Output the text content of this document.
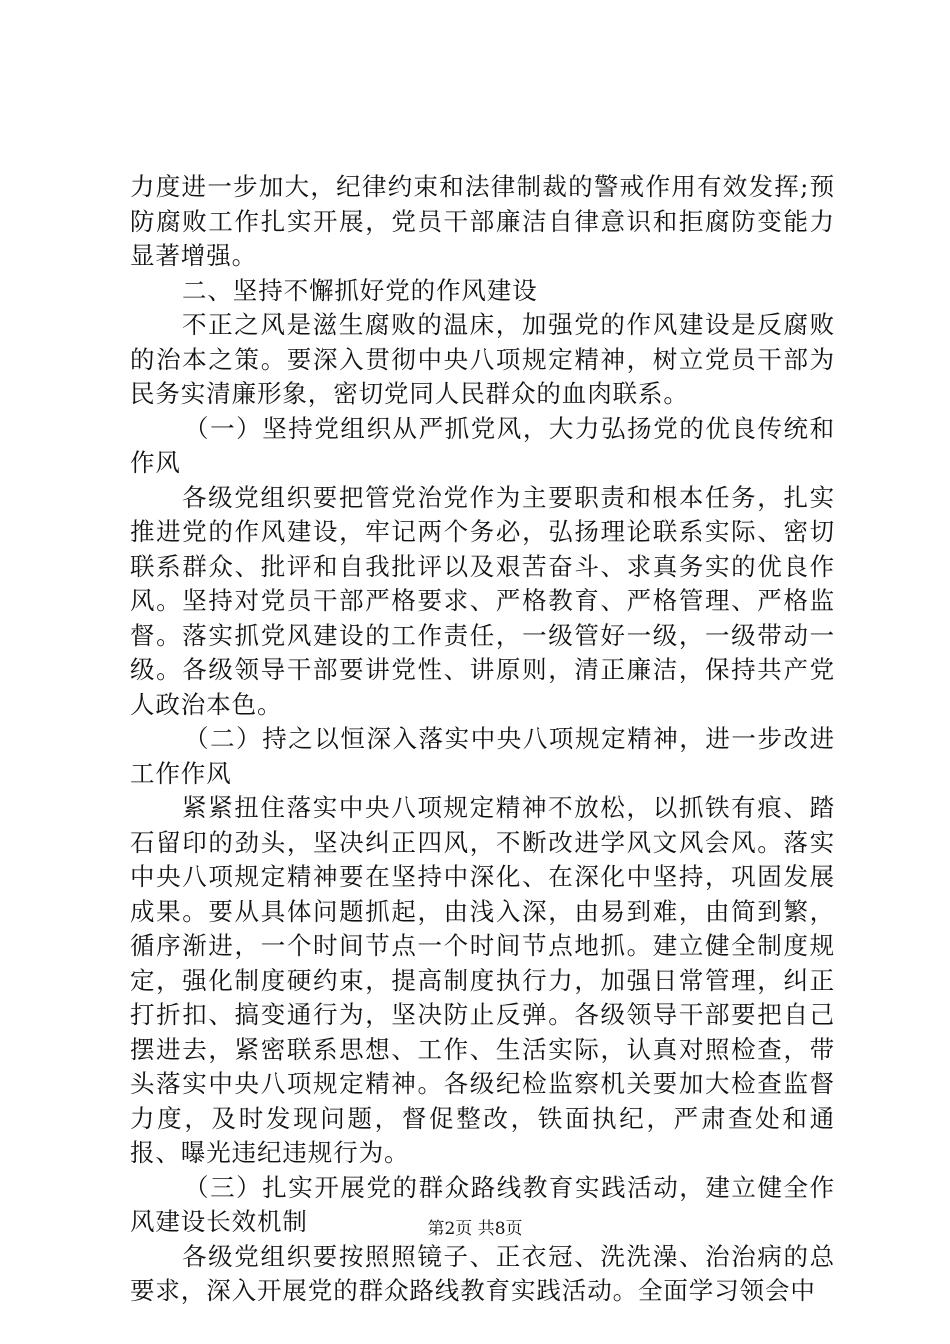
力度进一步加大，纪律约束和法律制裁的警戒作用有效发挥;预防腐败工作扎实开展，党员干部廉洁自律意识和拒腐防变能力显著增强。

二、坚持不懈抓好党的作风建设

不正之风是滋生腐败的温床，加强党的作风建设是反腐败的治本之策。要深入贯彻中央八项规定精神，树立党员干部为民务实清廉形象，密切党同人民群众的血肉联系。

（一）坚持党组织从严抓党风，大力弘扬党的优良传统和作风

各级党组织要把管党治党作为主要职责和根本任务，扎实推进党的作风建设，牢记两个务必，弘扬理论联系实际、密切联系群众、批评和自我批评以及艰苦奋斗、求真务实的优良作风。坚持对党员干部严格要求、严格教育、严格管理、严格监督。落实抓党风建设的工作责任，一级管好一级，一级带动一级。各级领导干部要讲党性、讲原则，清正廉洁，保持共产党人政治本色。

（二）持之以恒深入落实中央八项规定精神，进一步改进工作作风

紧紧扭住落实中央八项规定精神不放松，以抓铁有痕、踏石留印的劲头，坚决纠正四风，不断改进学风文风会风。落实中央八项规定精神要在坚持中深化、在深化中坚持，巩固发展成果。要从具体问题抓起，由浅入深，由易到难，由简到繁，循序渐进，一个时间节点一个时间节点地抓。建立健全制度规定，强化制度硬约束，提高制度执行力，加强日常管理，纠正打折扣、搞变通行为，坚决防止反弹。各级领导干部要把自己摆进去，紧密联系思想、工作、生活实际，认真对照检查，带头落实中央八项规定精神。各级纪检监察机关要加大检查监督力度，及时发现问题，督促整改，铁面执纪，严肃查处和通报、曝光违纪违规行为。

（三）扎实开展党的群众路线教育实践活动，建立健全作风建设长效机制

各级党组织要按照照镜子、正衣冠、洗洗澡、治治病的总要求，深入开展党的群众路线教育实践活动。全面学习领会中

第2页 共8页
